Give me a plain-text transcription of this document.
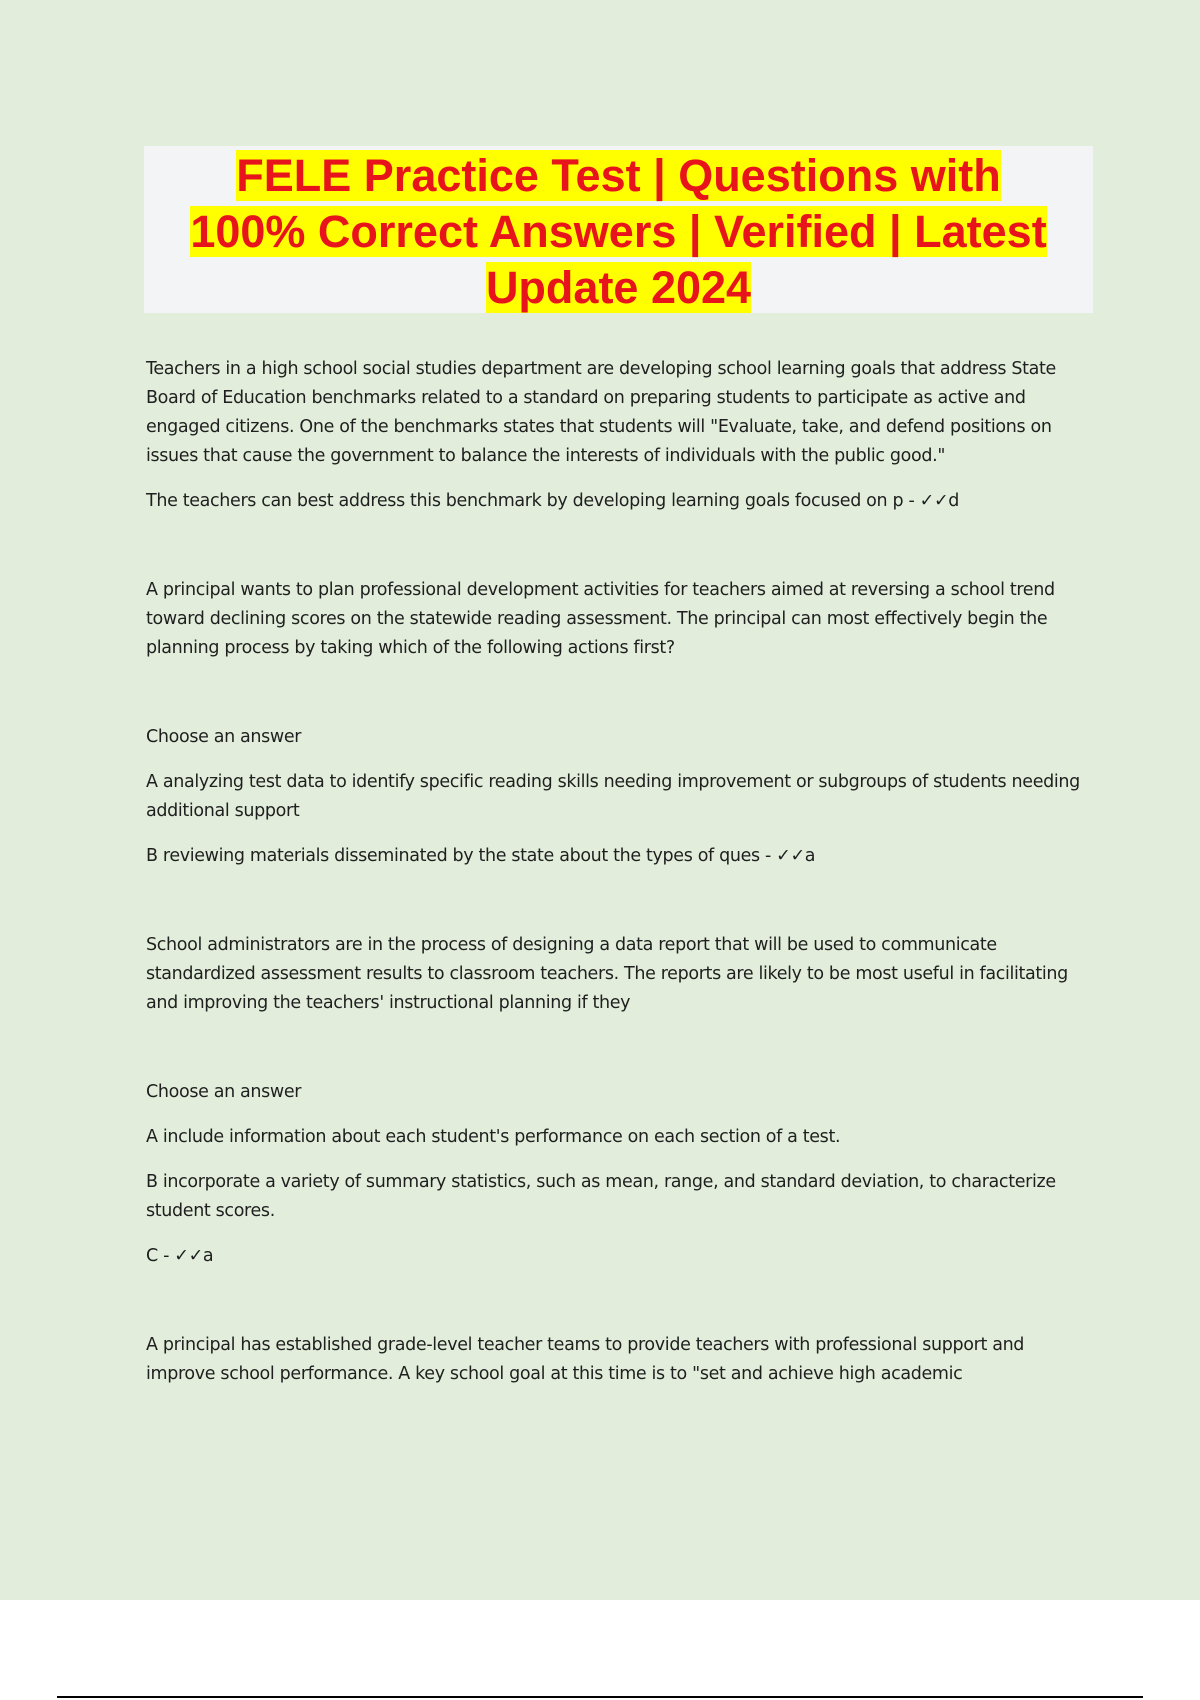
FELE Practice Test | Questions with
100% Correct Answers | Verified | Latest
Update 2024

Teachers in a high school social studies department are developing school learning goals that address State Board of Education benchmarks related to a standard on preparing students to participate as active and engaged citizens. One of the benchmarks states that students will "Evaluate, take, and defend positions on issues that cause the government to balance the interests of individuals with the public good."

The teachers can best address this benchmark by developing learning goals focused on p - ✓✓d

A principal wants to plan professional development activities for teachers aimed at reversing a school trend toward declining scores on the statewide reading assessment. The principal can most effectively begin the planning process by taking which of the following actions first?

Choose an answer

A analyzing test data to identify specific reading skills needing improvement or subgroups of students needing additional support

B reviewing materials disseminated by the state about the types of ques - ✓✓a

School administrators are in the process of designing a data report that will be used to communicate standardized assessment results to classroom teachers. The reports are likely to be most useful in facilitating and improving the teachers' instructional planning if they

Choose an answer

A include information about each student's performance on each section of a test.

B incorporate a variety of summary statistics, such as mean, range, and standard deviation, to characterize student scores.

C - ✓✓a

A principal has established grade-level teacher teams to provide teachers with professional support and improve school performance. A key school goal at this time is to "set and achieve high academic
